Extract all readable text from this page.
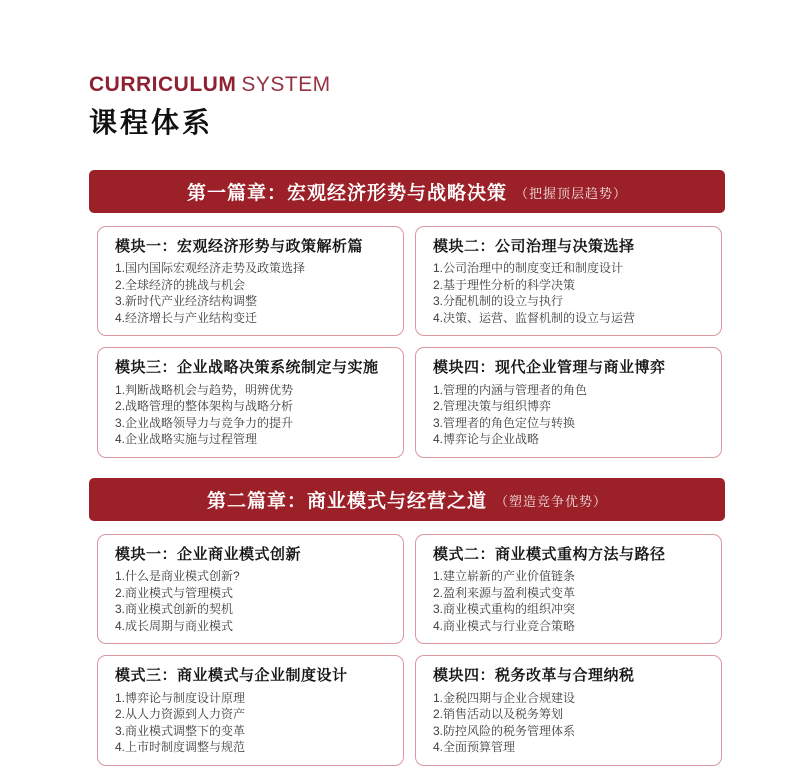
CURRICULUM SYSTEM
课程体系
第一篇章：宏观经济形势与战略决策 （把握顶层趋势）
模块一：宏观经济形势与政策解析篇
1.国内国际宏观经济走势及政策选择
2.全球经济的挑战与机会
3.新时代产业经济结构调整
4.经济增长与产业结构变迁
模块二：公司治理与决策选择
1.公司治理中的制度变迁和制度设计
2.基于理性分析的科学决策
3.分配机制的设立与执行
4.决策、运营、监督机制的设立与运营
模块三：企业战略决策系统制定与实施
1.判断战略机会与趋势，明辨优势
2.战略管理的整体架构与战略分析
3.企业战略领导力与竞争力的提升
4.企业战略实施与过程管理
模块四：现代企业管理与商业博弈
1.管理的内涵与管理者的角色
2.管理决策与组织博弈
3.管理者的角色定位与转换
4.博弈论与企业战略
第二篇章：商业模式与经营之道 （塑造竞争优势）
模块一：企业商业模式创新
1.什么是商业模式创新?
2.商业模式与管理模式
3.商业模式创新的契机
4.成长周期与商业模式
模式二：商业模式重构方法与路径
1.建立崭新的产业价值链条
2.盈利来源与盈利模式变革
3.商业模式重构的组织冲突
4.商业模式与行业竞合策略
模式三：商业模式与企业制度设计
1.博弈论与制度设计原理
2.从人力资源到人力资产
3.商业模式调整下的变革
4.上市时制度调整与规范
模块四：税务改革与合理纳税
1.金税四期与企业合规建设
2.销售活动以及税务筹划
3.防控风险的税务管理体系
4.全面预算管理
